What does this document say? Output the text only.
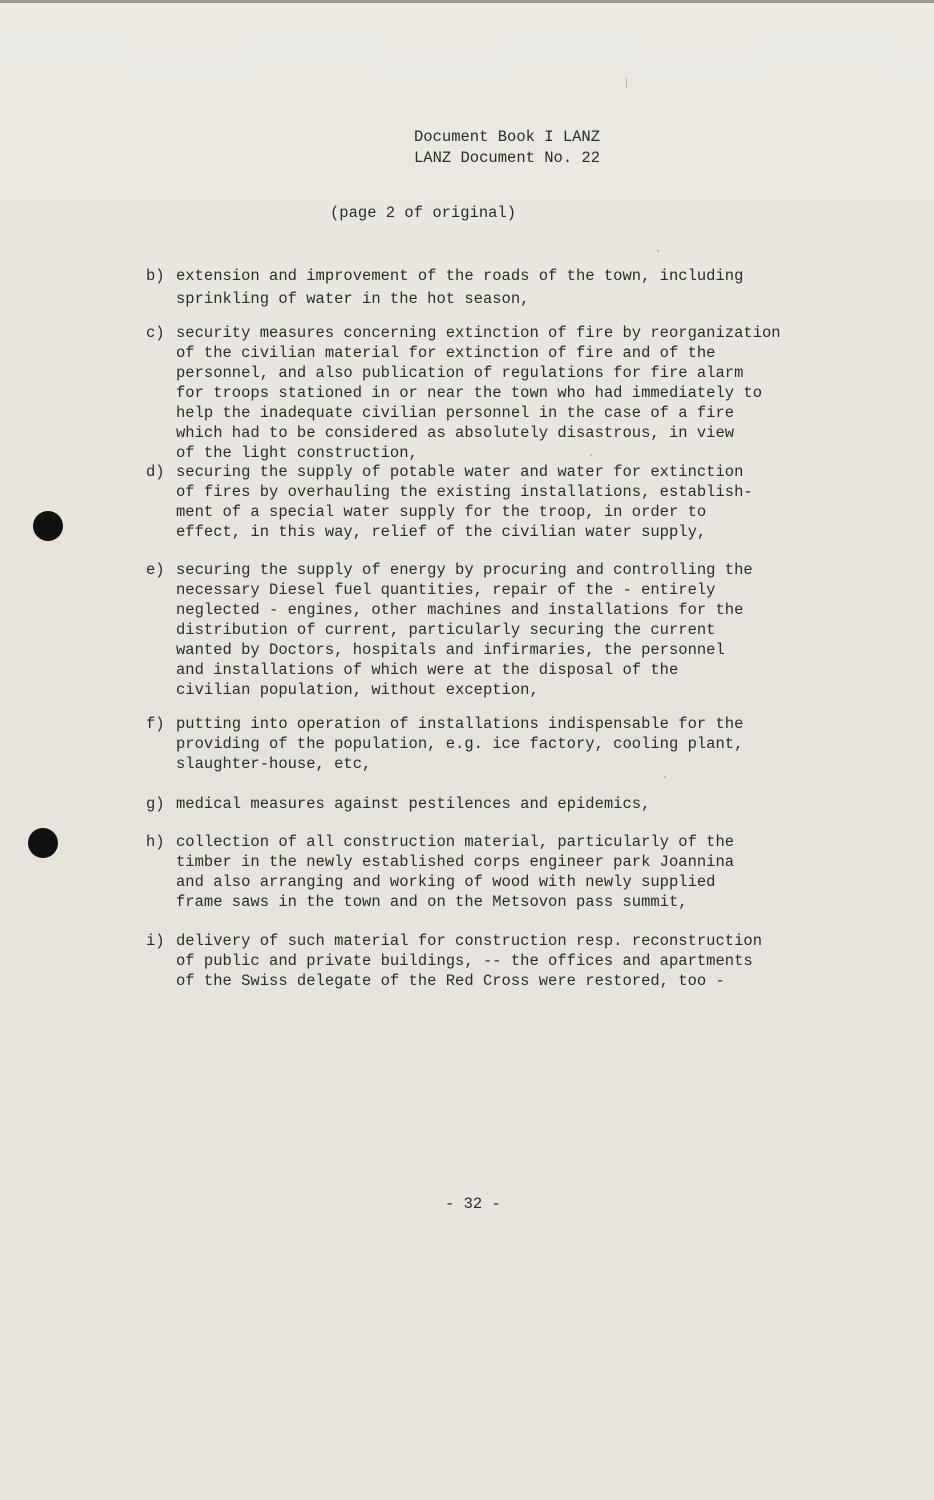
Document Book I LANZ
LANZ Document No. 22
(page 2 of original)
b) extension and improvement of the roads of the town, including
sprinkling of water in the hot season,
c) security measures concerning extinction of fire by reorganization
of the civilian material for extinction of fire and of the
personnel, and also publication of regulations for fire alarm
for troops stationed in or near the town who had immediately to
help the inadequate civilian personnel in the case of a fire
which had to be considered as absolutely disastrous, in view
of the light construction,
d) securing the supply of potable water and water for extinction
of fires by overhauling the existing installations, establish-
ment of a special water supply for the troop, in order to
effect, in this way, relief of the civilian water supply,
e) securing the supply of energy by procuring and controlling the
necessary Diesel fuel quantities, repair of the - entirely
neglected - engines, other machines and installations for the
distribution of current, particularly securing the current
wanted by Doctors, hospitals and infirmaries, the personnel
and installations of which were at the disposal of the
civilian population, without exception,
f) putting into operation of installations indispensable for the
providing of the population, e.g. ice factory, cooling plant,
slaughter-house, etc,
g) medical measures against pestilences and epidemics,
h) collection of all construction material, particularly of the
timber in the newly established corps engineer park Joannina
and also arranging and working of wood with newly supplied
frame saws in the town and on the Metsovon pass summit,
i) delivery of such material for construction resp. reconstruction
of public and private buildings, -- the offices and apartments
of the Swiss delegate of the Red Cross were restored, too -
- 32 -
